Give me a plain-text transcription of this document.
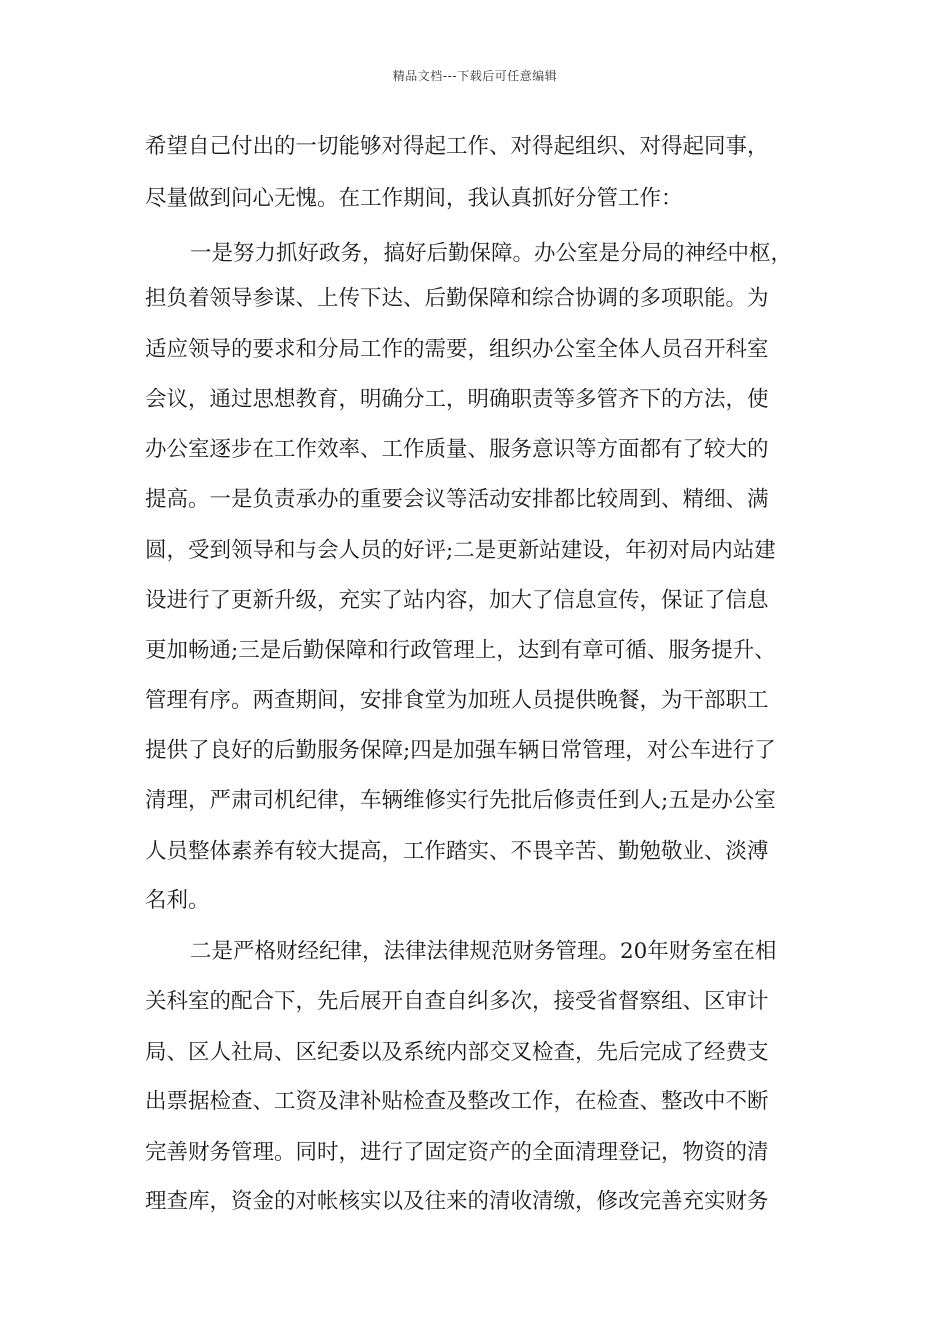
精品文档---下载后可任意编辑
希望自己付出的一切能够对得起工作、对得起组织、对得起同事，
尽量做到问心无愧。在工作期间，我认真抓好分管工作：
一是努力抓好政务，搞好后勤保障。办公室是分局的神经中枢，
担负着领导参谋、上传下达、后勤保障和综合协调的多项职能。为
适应领导的要求和分局工作的需要，组织办公室全体人员召开科室
会议，通过思想教育，明确分工，明确职责等多管齐下的方法，使
办公室逐步在工作效率、工作质量、服务意识等方面都有了较大的
提高。一是负责承办的重要会议等活动安排都比较周到、精细、满
圆，受到领导和与会人员的好评;二是更新站建设，年初对局内站建
设进行了更新升级，充实了站内容，加大了信息宣传，保证了信息
更加畅通;三是后勤保障和行政管理上，达到有章可循、服务提升、
管理有序。两查期间，安排食堂为加班人员提供晚餐，为干部职工
提供了良好的后勤服务保障;四是加强车辆日常管理，对公车进行了
清理，严肃司机纪律，车辆维修实行先批后修责任到人;五是办公室
人员整体素养有较大提高，工作踏实、不畏辛苦、勤勉敬业、淡溥
名利。
二是严格财经纪律，法律法律规范财务管理。20年财务室在相
关科室的配合下，先后展开自查自纠多次，接受省督察组、区审计
局、区人社局、区纪委以及系统内部交叉检查，先后完成了经费支
出票据检查、工资及津补贴检查及整改工作，在检查、整改中不断
完善财务管理。同时，进行了固定资产的全面清理登记，物资的清
理查库，资金的对帐核实以及往来的清收清缴，修改完善充实财务
